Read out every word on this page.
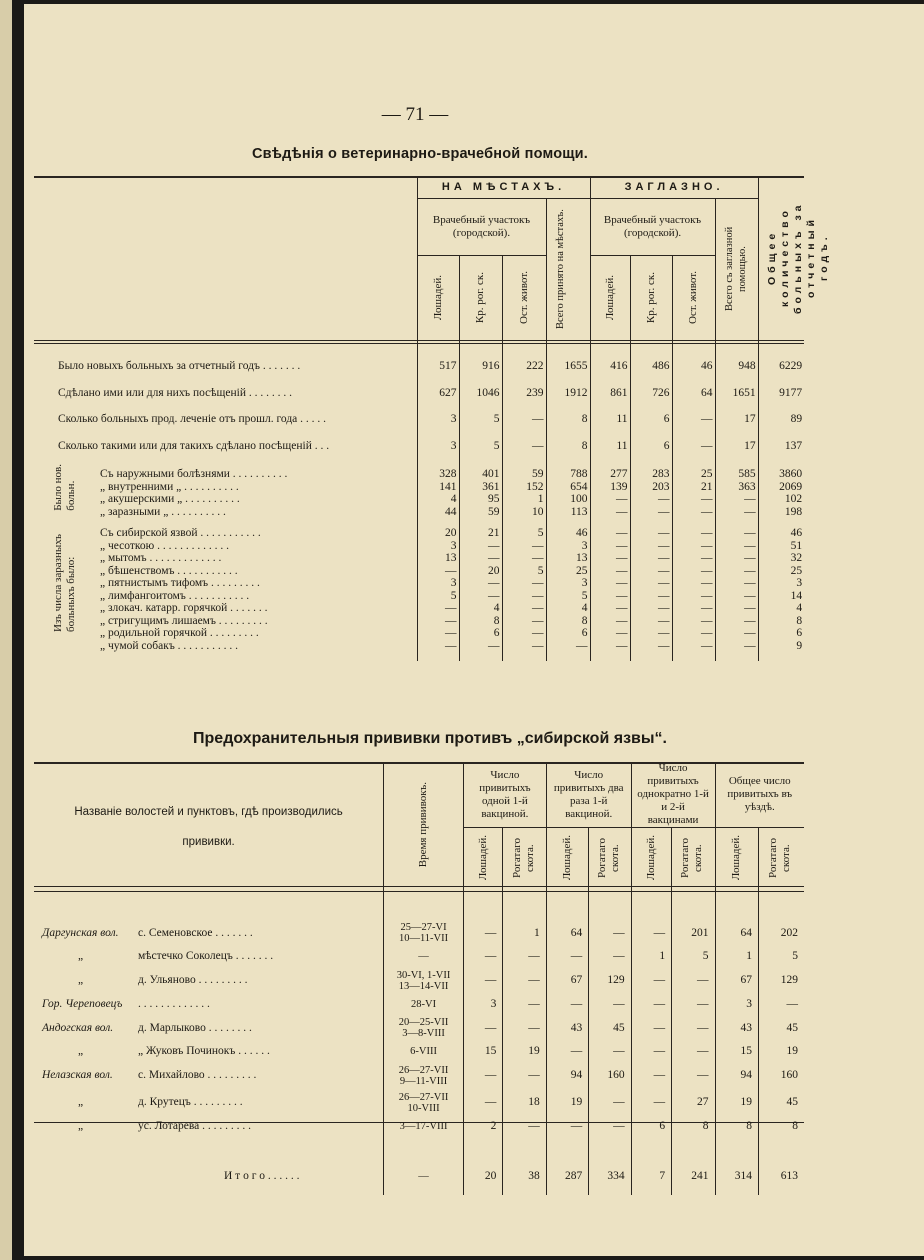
— 71 —
Свѣдѣнія о ветеринарно-врачебной помощи.
	НА МѢСТАХЪ.				ЗАГЛАЗНО.				Общее количество больныхъ за отчетный годъ.
	Врачебный участокъ (городской).			Всего принято на мѣстахъ.	Врачебный участокъ (городской).			Всего съ заглазной помощью.	
	Лошадей.	Кр. рог. ск.	Ост. живот.		Лошадей.	Кр. рог. ск.	Ост. живот.		

Было новыхъ больныхъ за отчетный годъ . . . . . . .	517	916	222	1655	416	486	46	948	6229
Сдѣлано ими или для нихъ посѣщеній . . . . . . . .	627	1046	239	1912	861	726	64	1651	9177
Сколько больныхъ прод. леченіе отъ прошл. года . . . . .	3	5	—	8	11	6	—	17	89
Сколько такими или для такихъ сдѣлано посѣщеній . . .	3	5	—	8	11	6	—	17	137

Съ наружными болѣзнями . . . . . . . . . .	328	401	59	788	277	283	25	585	3860
„ внутренними „ . . . . . . . . . .	141	361	152	654	139	203	21	363	2069
„ акушерскими „ . . . . . . . . . .	4	95	1	100	—	—	—	—	102
„ заразными „ . . . . . . . . . .	44	59	10	113	—	—	—	—	198

Съ сибирской язвой . . . . . . . . . . .	20	21	5	46	—	—	—	—	46
„ чесоткою . . . . . . . . . . . . .	3	—	—	3	—	—	—	—	51
„ мытомъ . . . . . . . . . . . . .	13	—	—	13	—	—	—	—	32
„ бѣшенствомъ . . . . . . . . . . .	—	20	5	25	—	—	—	—	25
„ пятнистымъ тифомъ . . . . . . . . .	3	—	—	3	—	—	—	—	3
„ лимфангоитомъ . . . . . . . . . . .	5	—	—	5	—	—	—	—	14
„ злокач. катарр. горячкой . . . . . . .	—	4	—	4	—	—	—	—	4
„ стригущимъ лишаемъ . . . . . . . . .	—	8	—	8	—	—	—	—	8
„ родильной горячкой . . . . . . . . .	—	6	—	6	—	—	—	—	6
„ чумой собакъ . . . . . . . . . . .	—	—	—	—	—	—	—	—	9

Было нов.
больн.
Изъ числа заразныхъ
больныхъ было:
Предохранительныя прививки противъ „сибирской язвы“.
Названіе волостей и пунктовъ, гдѣ производились
прививки.	Время прививокъ.	Число привитыхъ одной 1-й вакциной.		Число привитыхъ два раза 1-й вакциной.		Число привитыхъ однократно 1-й и 2-й вакцинами		Общее число привитыхъ въ уѣздѣ.	
		Лошадей.	Рогатаго скота.	Лошадей.	Рогатаго скота.	Лошадей.	Рогатаго скота.	Лошадей.	Рогатаго скота.

Даргунская вол. с. Семеновское . . . . . . .	25—27-VI
10—11-VII	—	1	64	—	—	201	64	202
„ мѣстечко Соколецъ . . . . . . .	—	—	—	—	—	1	5	1	5
„ д. Ульяново . . . . . . . . .	30-VI, 1-VII
13—14-VII	—	—	67	129	—	—	67	129
Гор. Череповецъ . . . . . . . . . . . . .	28-VI	3	—	—	—	—	—	3	—
Андогская вол. д. Марлыково . . . . . . . .	20—25-VII
3—8-VIII	—	—	43	45	—	—	43	45
„ „ Жуковъ Починокъ . . . . . .	6-VIII	15	19	—	—	—	—	15	19
Нелазская вол. с. Михайлово . . . . . . . . .	26—27-VII
9—11-VIII	—	—	94	160	—	—	94	160
„ д. Крутецъ . . . . . . . . .	26—27-VII
10-VIII	—	18	19	—	—	27	19	45
„ ус. Лотарева . . . . . . . . .	3—17-VIII	2	—	—	—	6	8	8	8

И т о г о . . . . . .	—	20	38	287	334	7	241	314	613
